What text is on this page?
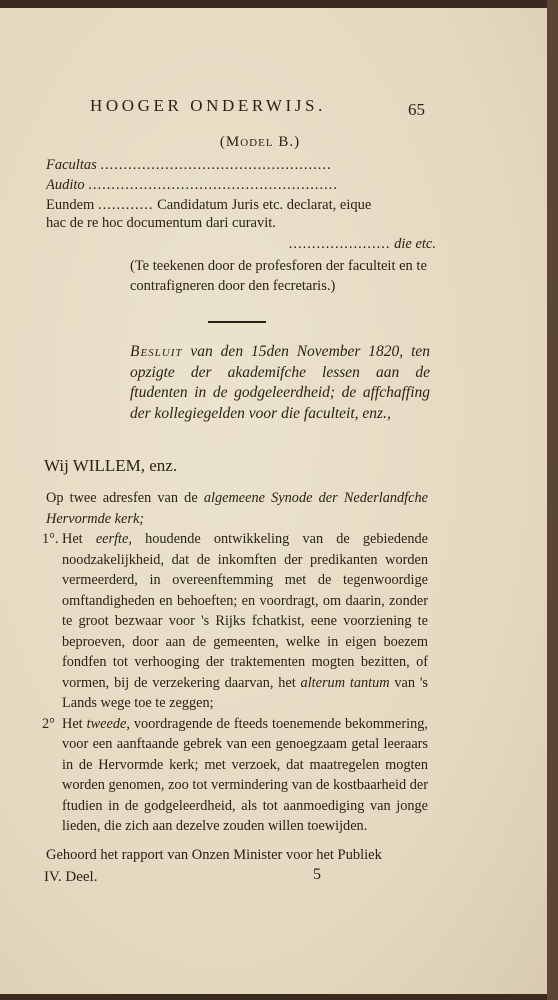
HOOGER ONDERWIJS.	65
(Model B.)
Facultas ..................................................
Audito ......................................................
Eundem ............ Candidatum Juris etc. declarat, eique
hac de re hoc documentum dari curavit.
...................... die etc.
(Te teekenen door de profesforen der faculteit en te contrafigneren door den fecretaris.)
Besluit van den 15den November 1820, ten opzigte der akademifche lessen aan de ftudenten in de godgeleerdheid; de affchaffing der kollegiegelden voor die faculteit, enz.,
Wij WILLEM, enz.
Op twee adresfen van de algemeene Synode der Nederlandfche Hervormde kerk;
1°. Het eerfte, houdende ontwikkeling van de gebiedende noodzakelijkheid, dat de inkomften der predikanten worden vermeerderd, in overeenftemming met de tegenwoordige omftandigheden en behoeften; en voordragt, om daarin, zonder te groot bezwaar voor 's Rijks fchatkist, eene voorziening te beproeven, door aan de gemeenten, welke in eigen boezem fondfen tot verhooging der traktementen mogten bezitten, of vormen, bij de verzekering daarvan, het alterum tantum van 's Lands wege toe te zeggen;
2° Het tweede, voordragende de fteeds toenemende bekommering, voor een aanftaande gebrek van een genoegzaam getal leeraars in de Hervormde kerk; met verzoek, dat maatregelen mogten worden genomen, zoo tot vermindering van de kostbaarheid der ftudien in de godgeleerdheid, als tot aanmoediging van jonge lieden, die zich aan dezelve zouden willen toewijden.
Gehoord het rapport van Onzen Minister voor het Publiek
IV. Deel.	5
